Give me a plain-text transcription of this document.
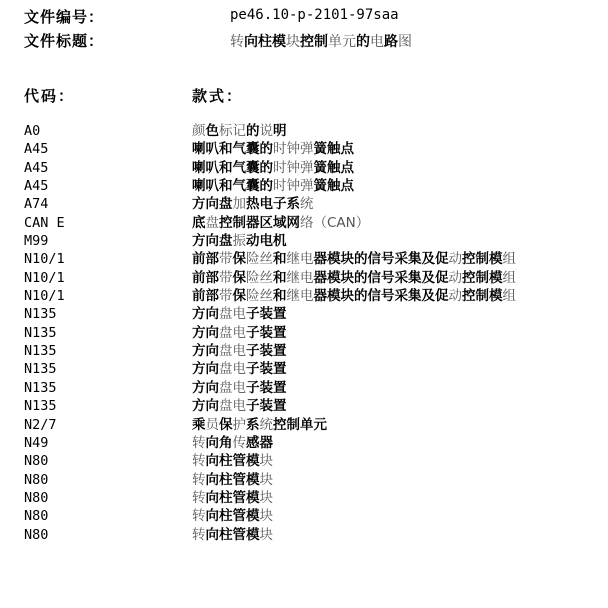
文件编号：	pe46.10-p-2101-97saa
文件标题：	转向柱模块控制单元的电路图
代码：	款式：
A0	颜色标记的说明
A45	喇叭和气囊的时钟弹簧触点
A45	喇叭和气囊的时钟弹簧触点
A45	喇叭和气囊的时钟弹簧触点
A74	方向盘加热电子系统
CAN E	底盘控制器区域网络（CAN）
M99	方向盘振动电机
N10/1	前部带保险丝和继电器模块的信号采集及促动控制模组
N10/1	前部带保险丝和继电器模块的信号采集及促动控制模组
N10/1	前部带保险丝和继电器模块的信号采集及促动控制模组
N135	方向盘电子装置
N135	方向盘电子装置
N135	方向盘电子装置
N135	方向盘电子装置
N135	方向盘电子装置
N135	方向盘电子装置
N2/7	乘员保护系统控制单元
N49	转向角传感器
N80	转向柱管模块
N80	转向柱管模块
N80	转向柱管模块
N80	转向柱管模块
N80	转向柱管模块
